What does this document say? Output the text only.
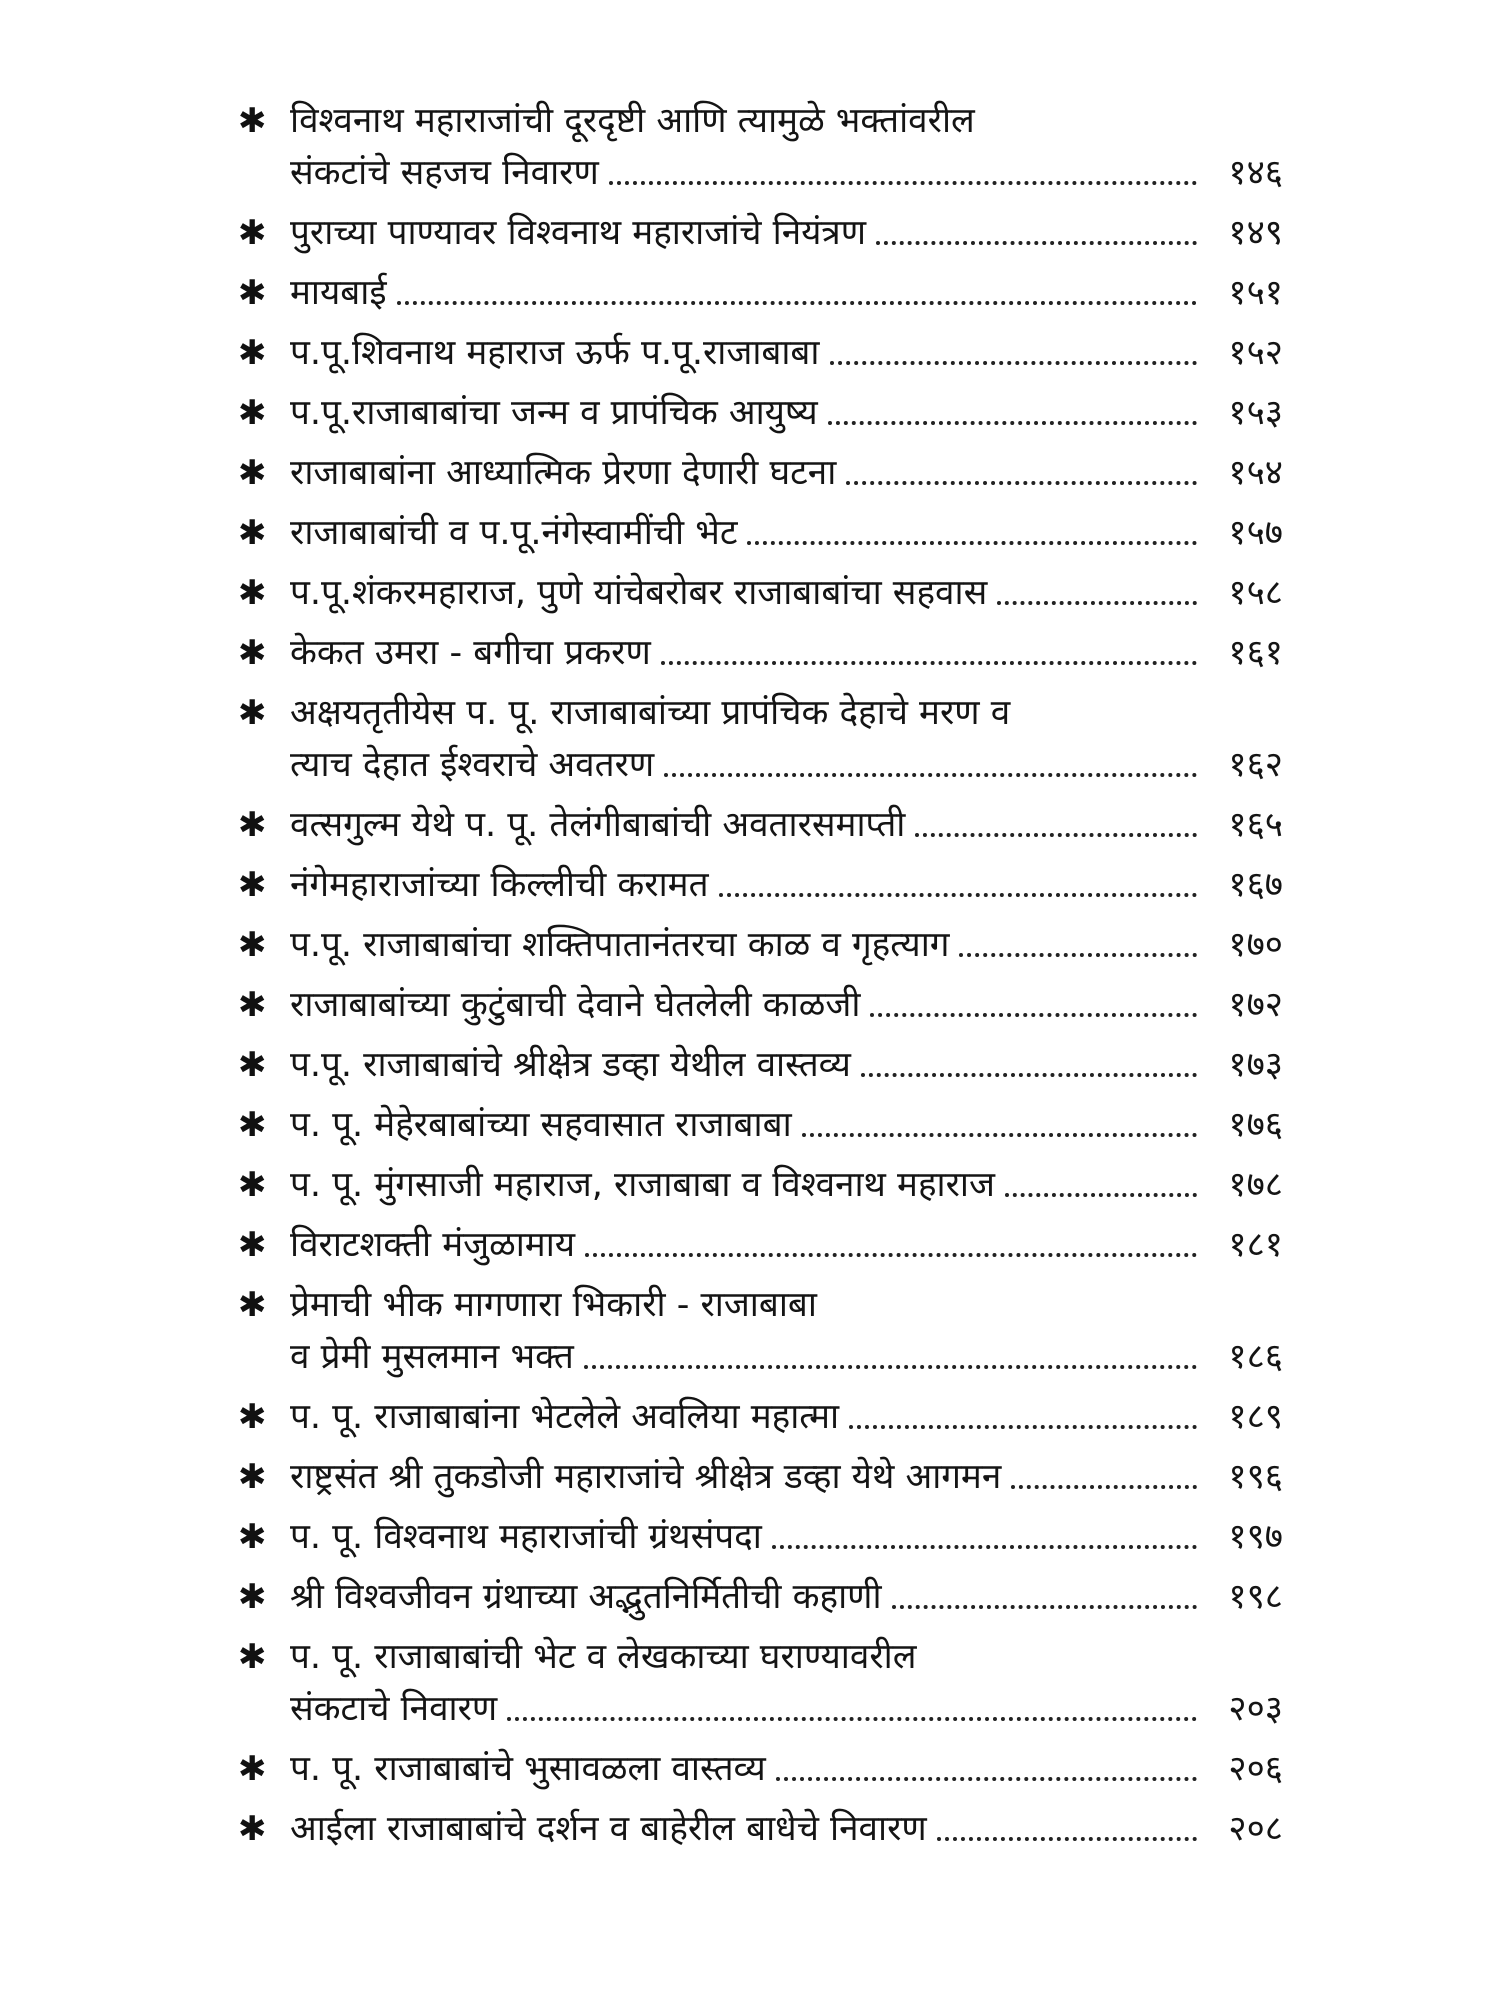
✱ विश्वनाथ महाराजांची दूरदृष्टी आणि त्यामुळे भक्तांवरील
संकटांचे सहजच निवारण	१४६
✱ पुराच्या पाण्यावर विश्वनाथ महाराजांचे नियंत्रण	१४९
✱ मायबाई	१५१
✱ प.पू.शिवनाथ महाराज ऊर्फ प.पू.राजाबाबा	१५२
✱ प.पू.राजाबाबांचा जन्म व प्रापंचिक आयुष्य	१५३
✱ राजाबाबांना आध्यात्मिक प्रेरणा देणारी घटना	१५४
✱ राजाबाबांची व प.पू.नंगेस्वामींची भेट	१५७
✱ प.पू.शंकरमहाराज, पुणे यांचेबरोबर राजाबाबांचा सहवास	१५८
✱ केकत उमरा - बगीचा प्रकरण	१६१
✱ अक्षयतृतीयेस प. पू. राजाबाबांच्या प्रापंचिक देहाचे मरण व
त्याच देहात ईश्वराचे अवतरण	१६२
✱ वत्सगुल्म येथे प. पू. तेलंगीबाबांची अवतारसमाप्ती	१६५
✱ नंगेमहाराजांच्या किल्लीची करामत	१६७
✱ प.पू. राजाबाबांचा शक्तिपातानंतरचा काळ व गृहत्याग	१७०
✱ राजाबाबांच्या कुटुंबाची देवाने घेतलेली काळजी	१७२
✱ प.पू. राजाबाबांचे श्रीक्षेत्र डव्हा येथील वास्तव्य	१७३
✱ प. पू. मेहेरबाबांच्या सहवासात राजाबाबा	१७६
✱ प. पू. मुंगसाजी महाराज, राजाबाबा व विश्वनाथ महाराज	१७८
✱ विराटशक्ती मंजुळामाय	१८१
✱ प्रेमाची भीक मागणारा भिकारी - राजाबाबा
व प्रेमी मुसलमान भक्त	१८६
✱ प. पू. राजाबाबांना भेटलेले अवलिया महात्मा	१८९
✱ राष्ट्रसंत श्री तुकडोजी महाराजांचे श्रीक्षेत्र डव्हा येथे आगमन	१९६
✱ प. पू. विश्वनाथ महाराजांची ग्रंथसंपदा	१९७
✱ श्री विश्वजीवन ग्रंथाच्या अद्भुतनिर्मितीची कहाणी	१९८
✱ प. पू. राजाबाबांची भेट व लेखकाच्या घराण्यावरील
संकटाचे निवारण	२०३
✱ प. पू. राजाबाबांचे भुसावळला वास्तव्य	२०६
✱ आईला राजाबाबांचे दर्शन व बाहेरील बाधेचे निवारण	२०८
